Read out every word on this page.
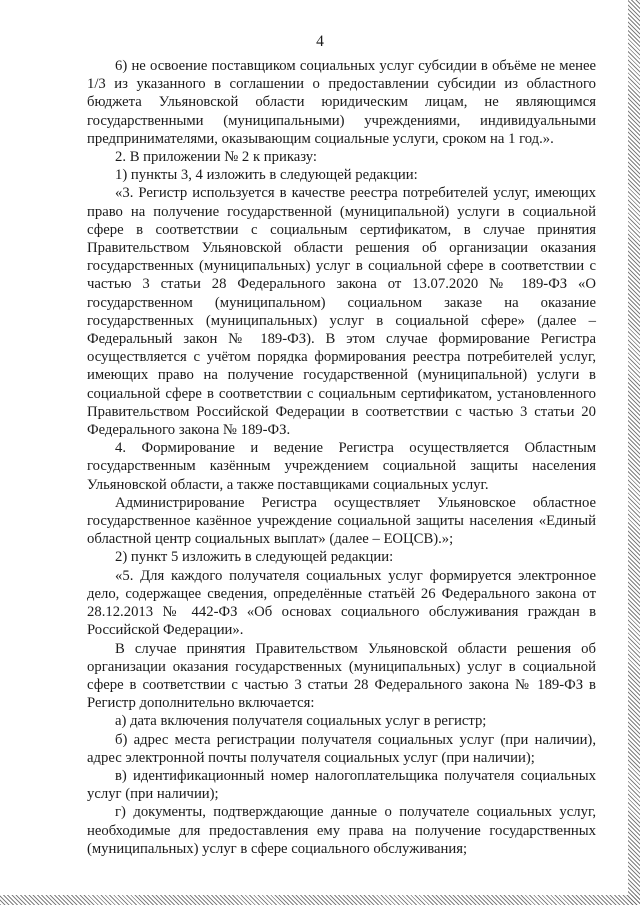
4

6) не освоение поставщиком социальных услуг субсидии в объёме не менее 1/3 из указанного в соглашении о предоставлении субсидии из областного бюджета Ульяновской области юридическим лицам, не являющимся государственными (муниципальными) учреждениями, индивидуальными предпринимателями, оказывающим социальные услуги, сроком на 1 год.».

2. В приложении № 2 к приказу:

1) пункты 3, 4 изложить в следующей редакции:

«3. Регистр используется в качестве реестра потребителей услуг, имеющих право на получение государственной (муниципальной) услуги в социальной сфере в соответствии с социальным сертификатом, в случае принятия Правительством Ульяновской области решения об организации оказания государственных (муниципальных) услуг в социальной сфере в соответствии с частью 3 статьи 28 Федерального закона от 13.07.2020 № 189-ФЗ «О государственном (муниципальном) социальном заказе на оказание государственных (муниципальных) услуг в социальной сфере» (далее – Федеральный закон № 189-ФЗ). В этом случае формирование Регистра осуществляется с учётом порядка формирования реестра потребителей услуг, имеющих право на получение государственной (муниципальной) услуги в социальной сфере в соответствии с социальным сертификатом, установленного Правительством Российской Федерации в соответствии с частью 3 статьи 20 Федерального закона № 189-ФЗ.

4. Формирование и ведение Регистра осуществляется Областным государственным казённым учреждением социальной защиты населения Ульяновской области, а также поставщиками социальных услуг.

Администрирование Регистра осуществляет Ульяновское областное государственное казённое учреждение социальной защиты населения «Единый областной центр социальных выплат» (далее – ЕОЦСВ).»;

2) пункт 5 изложить в следующей редакции:

«5. Для каждого получателя социальных услуг формируется электронное дело, содержащее сведения, определённые статьёй 26 Федерального закона от 28.12.2013 № 442-ФЗ «Об основах социального обслуживания граждан в Российской Федерации».

В случае принятия Правительством Ульяновской области решения об организации оказания государственных (муниципальных) услуг в социальной сфере в соответствии с частью 3 статьи 28 Федерального закона № 189-ФЗ в Регистр дополнительно включается:

а) дата включения получателя социальных услуг в регистр;

б) адрес места регистрации получателя социальных услуг (при наличии), адрес электронной почты получателя социальных услуг (при наличии);

в) идентификационный номер налогоплательщика получателя социальных услуг (при наличии);

г) документы, подтверждающие данные о получателе социальных услуг, необходимые для предоставления ему права на получение государственных (муниципальных) услуг в сфере социального обслуживания;
